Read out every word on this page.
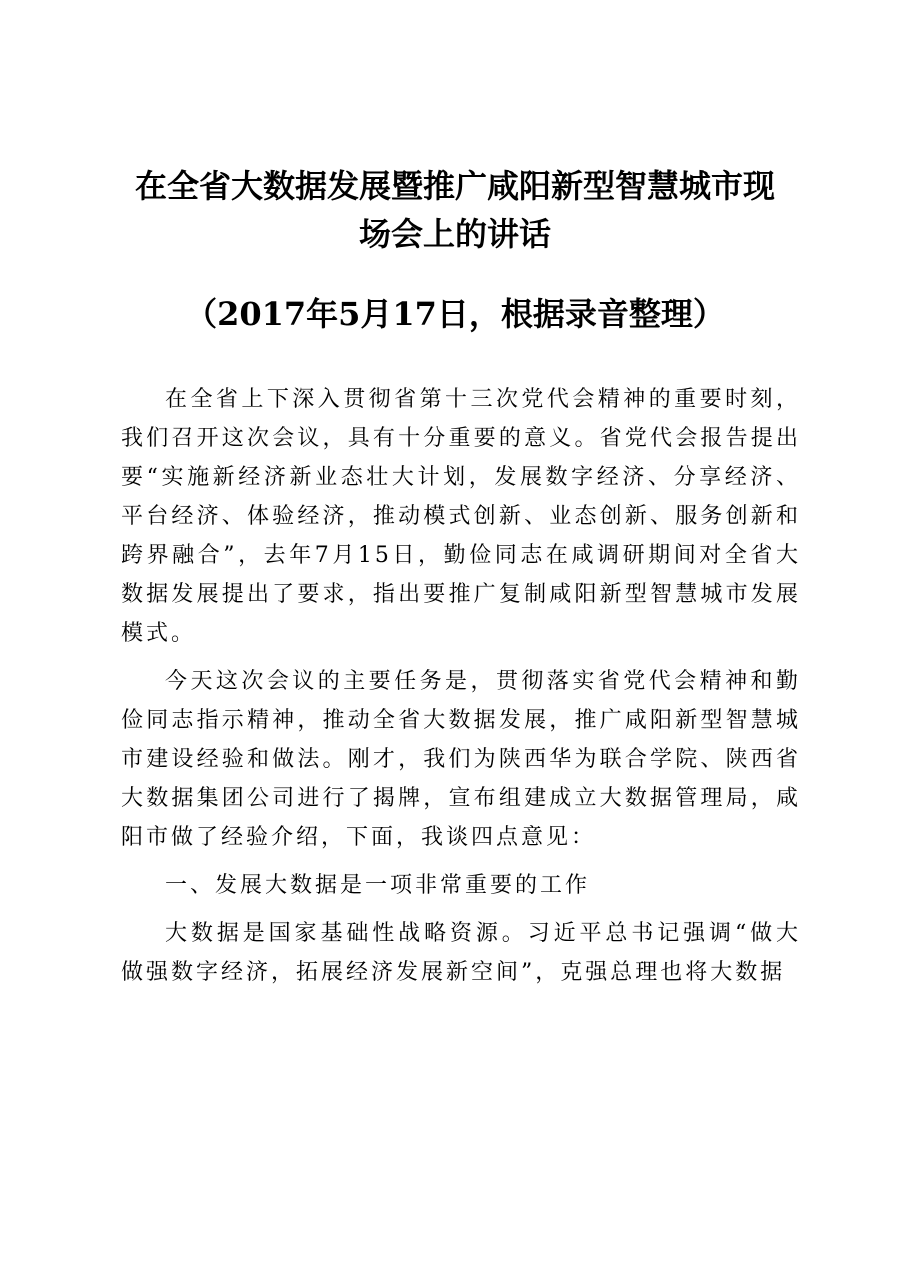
在全省大数据发展暨推广咸阳新型智慧城市现
场会上的讲话
（2017年5月17日，根据录音整理）

在全省上下深入贯彻省第十三次党代会精神的重要时刻，我们召开这次会议，具有十分重要的意义。省党代会报告提出要“实施新经济新业态壮大计划，发展数字经济、分享经济、平台经济、体验经济，推动模式创新、业态创新、服务创新和跨界融合”，去年7月15日，勤俭同志在咸调研期间对全省大数据发展提出了要求，指出要推广复制咸阳新型智慧城市发展模式。

今天这次会议的主要任务是，贯彻落实省党代会精神和勤俭同志指示精神，推动全省大数据发展，推广咸阳新型智慧城市建设经验和做法。刚才，我们为陕西华为联合学院、陕西省大数据集团公司进行了揭牌，宣布组建成立大数据管理局，咸阳市做了经验介绍，下面，我谈四点意见：

一、发展大数据是一项非常重要的工作

大数据是国家基础性战略资源。习近平总书记强调“做大做强数字经济，拓展经济发展新空间”，克强总理也将大数据
